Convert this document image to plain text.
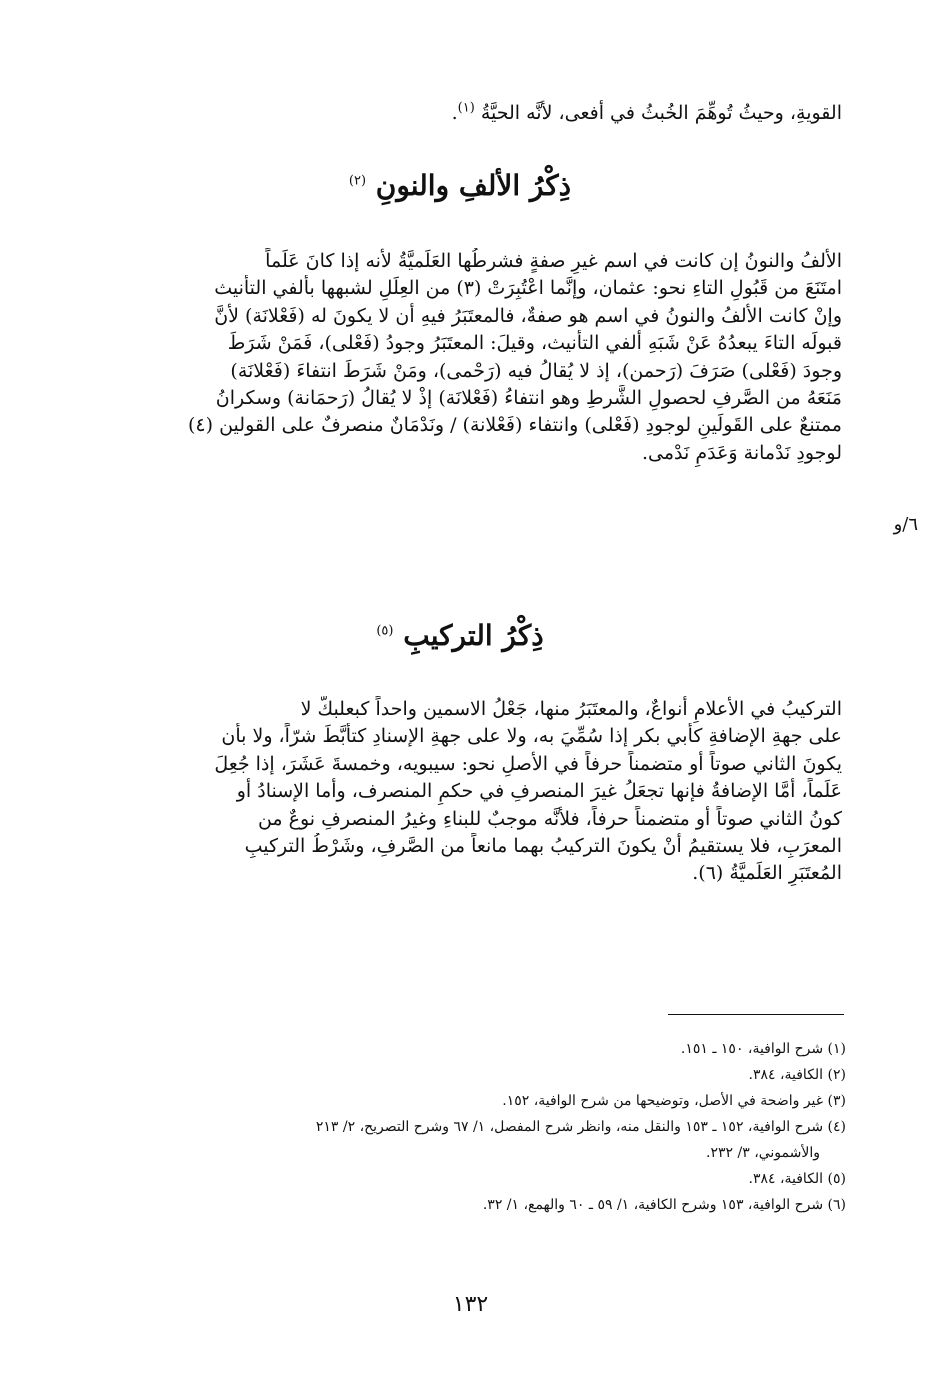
القويةِ، وحيثُ تُوهِّمَ الخُبثُ في أفعى، لأنَّه الحيَّةُ $^{(١)}$.
ذِكْرُ الألفِ والنونِ $^{(٢)}$
الألفُ والنونُ إن كانت في اسم غيرِ صفةٍ فشرطُها العَلَميَّةُ لأنه إذا كانَ عَلَماً
امتَنَعَ من قَبُولِ التاءِ نحو: عثمان، وإنَّما اعْتُبِرَتْ (٣) من العِلَلِ لشبهها بألفي التأنيث
وإنْ كانت الألفُ والنونُ في اسم هو صفةٌ، فالمعتَبَرُ فيهِ أن لا يكونَ له (فَعْلانَة) لأنَّ
قبولَه التاءَ يبعدُهُ عَنْ شَبَهِ ألفي التأنيث، وقيلَ: المعتَبَرُ وجودُ (فَعْلى)، فَمَنْ شَرَطَ
وجودَ (فَعْلى) صَرَفَ (رَحمن)، إذ لا يُقالُ فيه (رَحْمى)، ومَنْ شَرَطَ انتفاءَ (فَعْلانَة)
مَنَعَهُ من الصَّرفِ لحصولِ الشَّرطِ وهو انتفاءُ (فَعْلانَة) إذْ لا يُقالُ (رَحمَانة) وسكرانُ
ممتنعٌ على القَولَينِ لوجودِ (فَعْلى) وانتفاء (فَعْلانة) / ونَدْمَانٌ منصرفٌ على القولين (٤)
لوجودِ نَدْمانة وَعَدَمِ نَدْمى.
٦/و
ذِكْرُ التركيبِ $^{(٥)}$
التركيبُ في الأعلامِ أنواعٌ، والمعتَبَرُ منها، جَعْلُ الاسمين واحداً كبعلبكَّ لا
على جهةِ الإضافةِ كأبي بكر إذا سُمِّيَ به، ولا على جهةِ الإسنادِ كتأبَّطَ شرّاً، ولا بأن
يكونَ الثاني صوتاً أو متضمناً حرفاً في الأصلِ نحو: سيبويه، وخمسةَ عَشَرَ، إذا جُعِلَ
عَلَماً، أمَّا الإضافةُ فإنها تجعَلُ غيرَ المنصرفِ في حكمِ المنصرف، وأما الإسنادُ أو
كونُ الثاني صوتاً أو متضمناً حرفاً، فلأنَّه موجبٌ للبناءِ وغيرُ المنصرفِ نوعٌ من
المعرَبِ، فلا يستقيمُ أنْ يكونَ التركيبُ بهما مانعاً من الصَّرفِ، وشَرْطُ التركيبِ
المُعتَبَرِ العَلَميَّةُ (٦).
(١) شرح الوافية، ١٥٠ ـ ١٥١.
(٢) الكافية، ٣٨٤.
(٣) غير واضحة في الأصل، وتوضيحها من شرح الوافية، ١٥٢.
(٤) شرح الوافية، ١٥٢ ـ ١٥٣ والنقل منه، وانظر شرح المفصل، ١/ ٦٧ وشرح التصريح، ٢/ ٢١٣
والأشموني، ٣/ ٢٣٢.
(٥) الكافية، ٣٨٤.
(٦) شرح الوافية، ١٥٣ وشرح الكافية، ١/ ٥٩ ـ ٦٠ والهمع، ١/ ٣٢.
١٣٢
